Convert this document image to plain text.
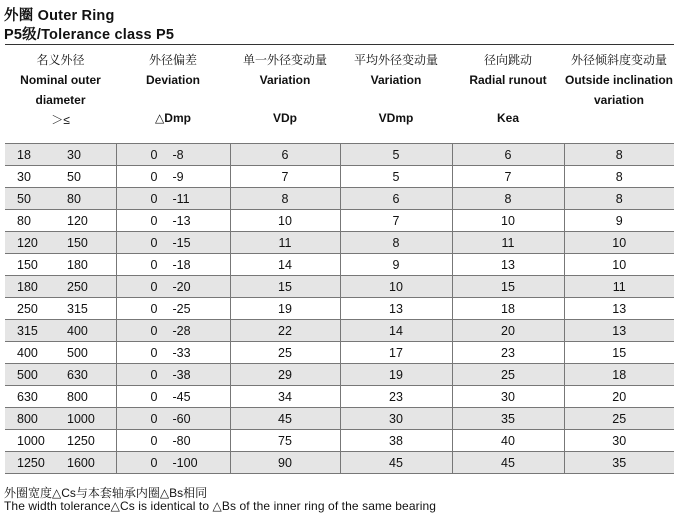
外圈 Outer Ring
P5级/Tolerance class P5
名义外径
Nominal outer
diameter
＞≤
外径偏差
Deviation
△Dmp
单一外径变动量
Variation
VDp
平均外径变动量
Variation
VDmp
径向跳动
Radial runout
Kea
外径倾斜度变动量
Outside inclination
variation
18 30	0 -8	6	5	6	8

30 50	0 -9	7	5	7	8

50 80	0 -11	8	6	8	8

80 120	0 -13	10	7	10	9

120 150	0 -15	11	8	11	10

150 180	0 -18	14	9	13	10

180 250	0 -20	15	10	15	11

250 315	0 -25	19	13	18	13

315 400	0 -28	22	14	20	13

400 500	0 -33	25	17	23	15

500 630	0 -38	29	19	25	18

630 800	0 -45	34	23	30	20

800 1000	0 -60	45	30	35	25

1000 1250	0 -80	75	38	40	30

1250 1600	0 -100	90	45	45	35
外圈宽度△Cs与本套轴承内圈△Bs相同
The width tolerance△Cs is identical to △Bs of the inner ring of the same bearing
